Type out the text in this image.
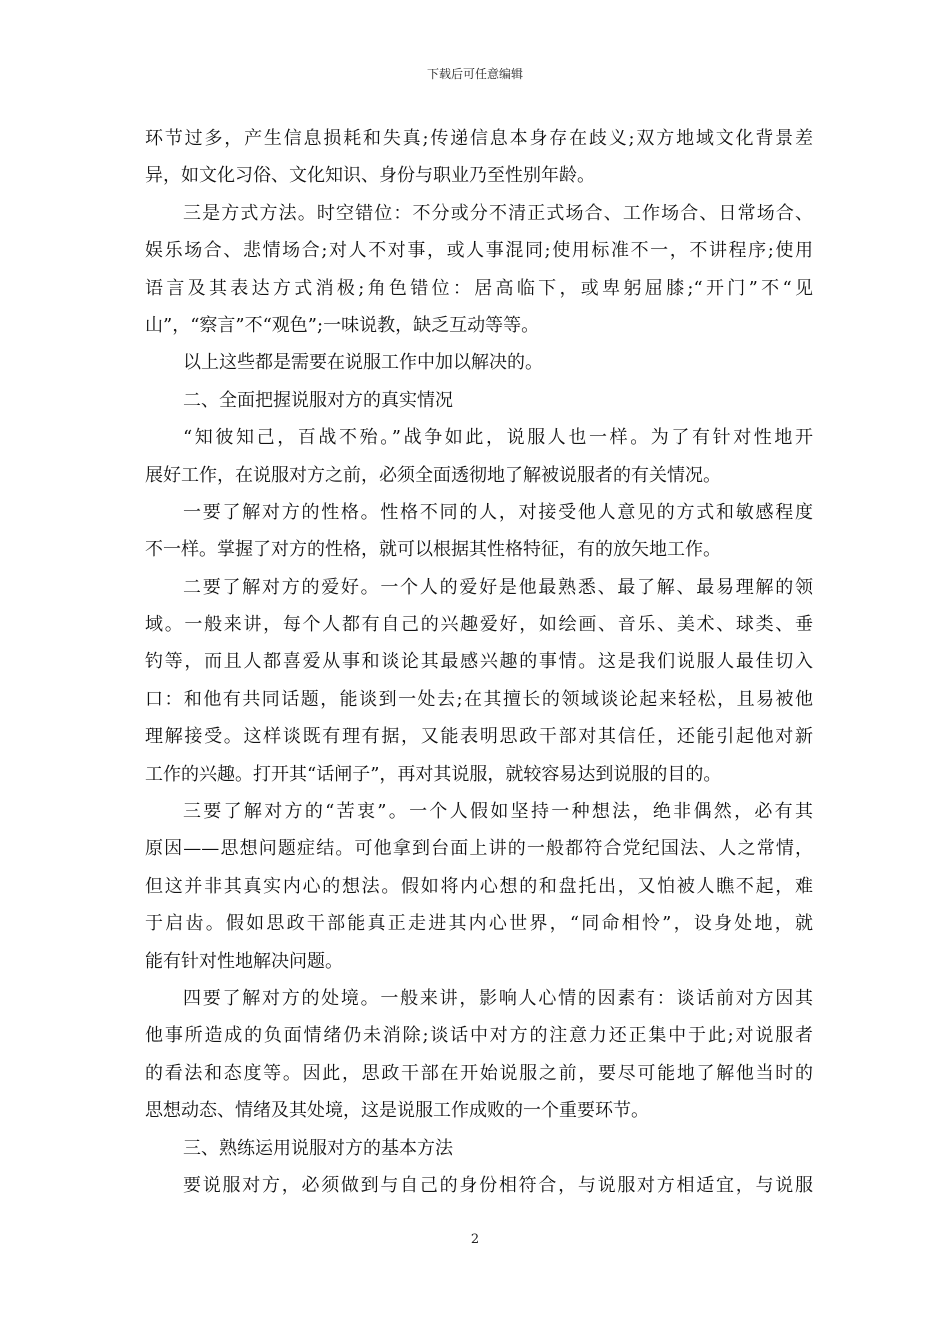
下载后可任意编辑
环节过多，产生信息损耗和失真;传递信息本身存在歧义;双方地域文化背景差
异，如文化习俗、文化知识、身份与职业乃至性别年龄。
三是方式方法。时空错位：不分或分不清正式场合、工作场合、日常场合、
娱乐场合、悲情场合;对人不对事，或人事混同;使用标准不一，不讲程序;使用
语言及其表达方式消极;角色错位：居高临下，或卑躬屈膝;“开门”不“见
山”，“察言”不“观色”;一味说教，缺乏互动等等。
以上这些都是需要在说服工作中加以解决的。
二、全面把握说服对方的真实情况
“知彼知己，百战不殆。”战争如此，说服人也一样。为了有针对性地开
展好工作，在说服对方之前，必须全面透彻地了解被说服者的有关情况。
一要了解对方的性格。性格不同的人，对接受他人意见的方式和敏感程度
不一样。掌握了对方的性格，就可以根据其性格特征，有的放矢地工作。
二要了解对方的爱好。一个人的爱好是他最熟悉、最了解、最易理解的领
域。一般来讲，每个人都有自己的兴趣爱好，如绘画、音乐、美术、球类、垂
钓等，而且人都喜爱从事和谈论其最感兴趣的事情。这是我们说服人最佳切入
口：和他有共同话题，能谈到一处去;在其擅长的领域谈论起来轻松，且易被他
理解接受。这样谈既有理有据，又能表明思政干部对其信任，还能引起他对新
工作的兴趣。打开其“话闸子”，再对其说服，就较容易达到说服的目的。
三要了解对方的“苦衷”。一个人假如坚持一种想法，绝非偶然，必有其
原因——思想问题症结。可他拿到台面上讲的一般都符合党纪国法、人之常情，
但这并非其真实内心的想法。假如将内心想的和盘托出，又怕被人瞧不起，难
于启齿。假如思政干部能真正走进其内心世界，“同命相怜”，设身处地，就
能有针对性地解决问题。
四要了解对方的处境。一般来讲，影响人心情的因素有：谈话前对方因其
他事所造成的负面情绪仍未消除;谈话中对方的注意力还正集中于此;对说服者
的看法和态度等。因此，思政干部在开始说服之前，要尽可能地了解他当时的
思想动态、情绪及其处境，这是说服工作成败的一个重要环节。
三、熟练运用说服对方的基本方法
要说服对方，必须做到与自己的身份相符合，与说服对方相适宜，与说服
2
